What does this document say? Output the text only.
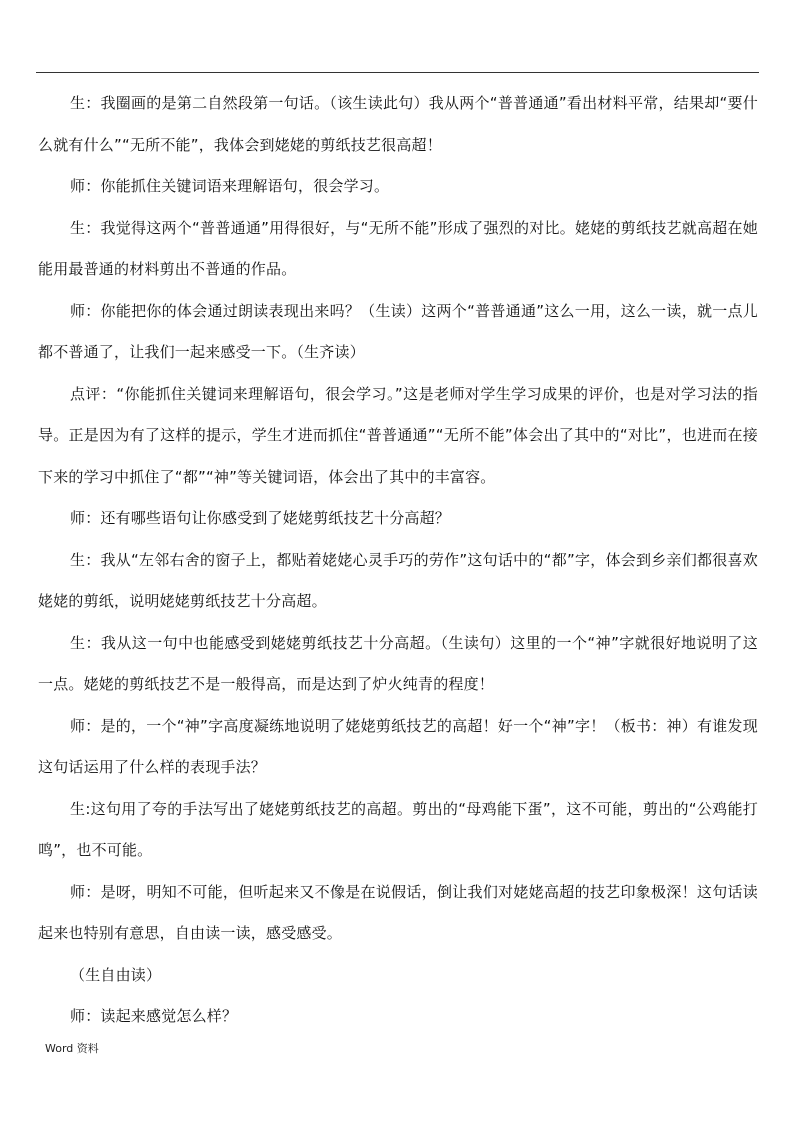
生：我圈画的是第二自然段第一句话。（该生读此句）我从两个“普普通通”看出材料平常，结果却“要什么就有什么”“无所不能”，我体会到姥姥的剪纸技艺很高超！

师：你能抓住关键词语来理解语句，很会学习。

生：我觉得这两个“普普通通”用得很好，与“无所不能”形成了强烈的对比。姥姥的剪纸技艺就高超在她能用最普通的材料剪出不普通的作品。

师：你能把你的体会通过朗读表现出来吗？（生读）这两个“普普通通”这么一用，这么一读，就一点儿都不普通了，让我们一起来感受一下。（生齐读）

点评：“你能抓住关键词来理解语句，很会学习。”这是老师对学生学习成果的评价，也是对学习法的指导。正是因为有了这样的提示，学生才进而抓住“普普通通”“无所不能”体会出了其中的“对比”，也进而在接下来的学习中抓住了“都”“神”等关键词语，体会出了其中的丰富容。

师：还有哪些语句让你感受到了姥姥剪纸技艺十分高超？

生：我从“左邻右舍的窗子上，都贴着姥姥心灵手巧的劳作”这句话中的“都”字，体会到乡亲们都很喜欢姥姥的剪纸，说明姥姥剪纸技艺十分高超。

生：我从这一句中也能感受到姥姥剪纸技艺十分高超。（生读句）这里的一个“神”字就很好地说明了这一点。姥姥的剪纸技艺不是一般得高，而是达到了炉火纯青的程度！

师：是的，一个“神”字高度凝练地说明了姥姥剪纸技艺的高超！好一个“神”字！（板书：神）有谁发现这句话运用了什么样的表现手法？

生:这句用了夸的手法写出了姥姥剪纸技艺的高超。剪出的“母鸡能下蛋”，这不可能，剪出的“公鸡能打鸣”，也不可能。

师：是呀，明知不可能，但听起来又不像是在说假话，倒让我们对姥姥高超的技艺印象极深！这句话读起来也特别有意思，自由读一读，感受感受。

（生自由读）

师：读起来感觉怎么样？

Word 资料
